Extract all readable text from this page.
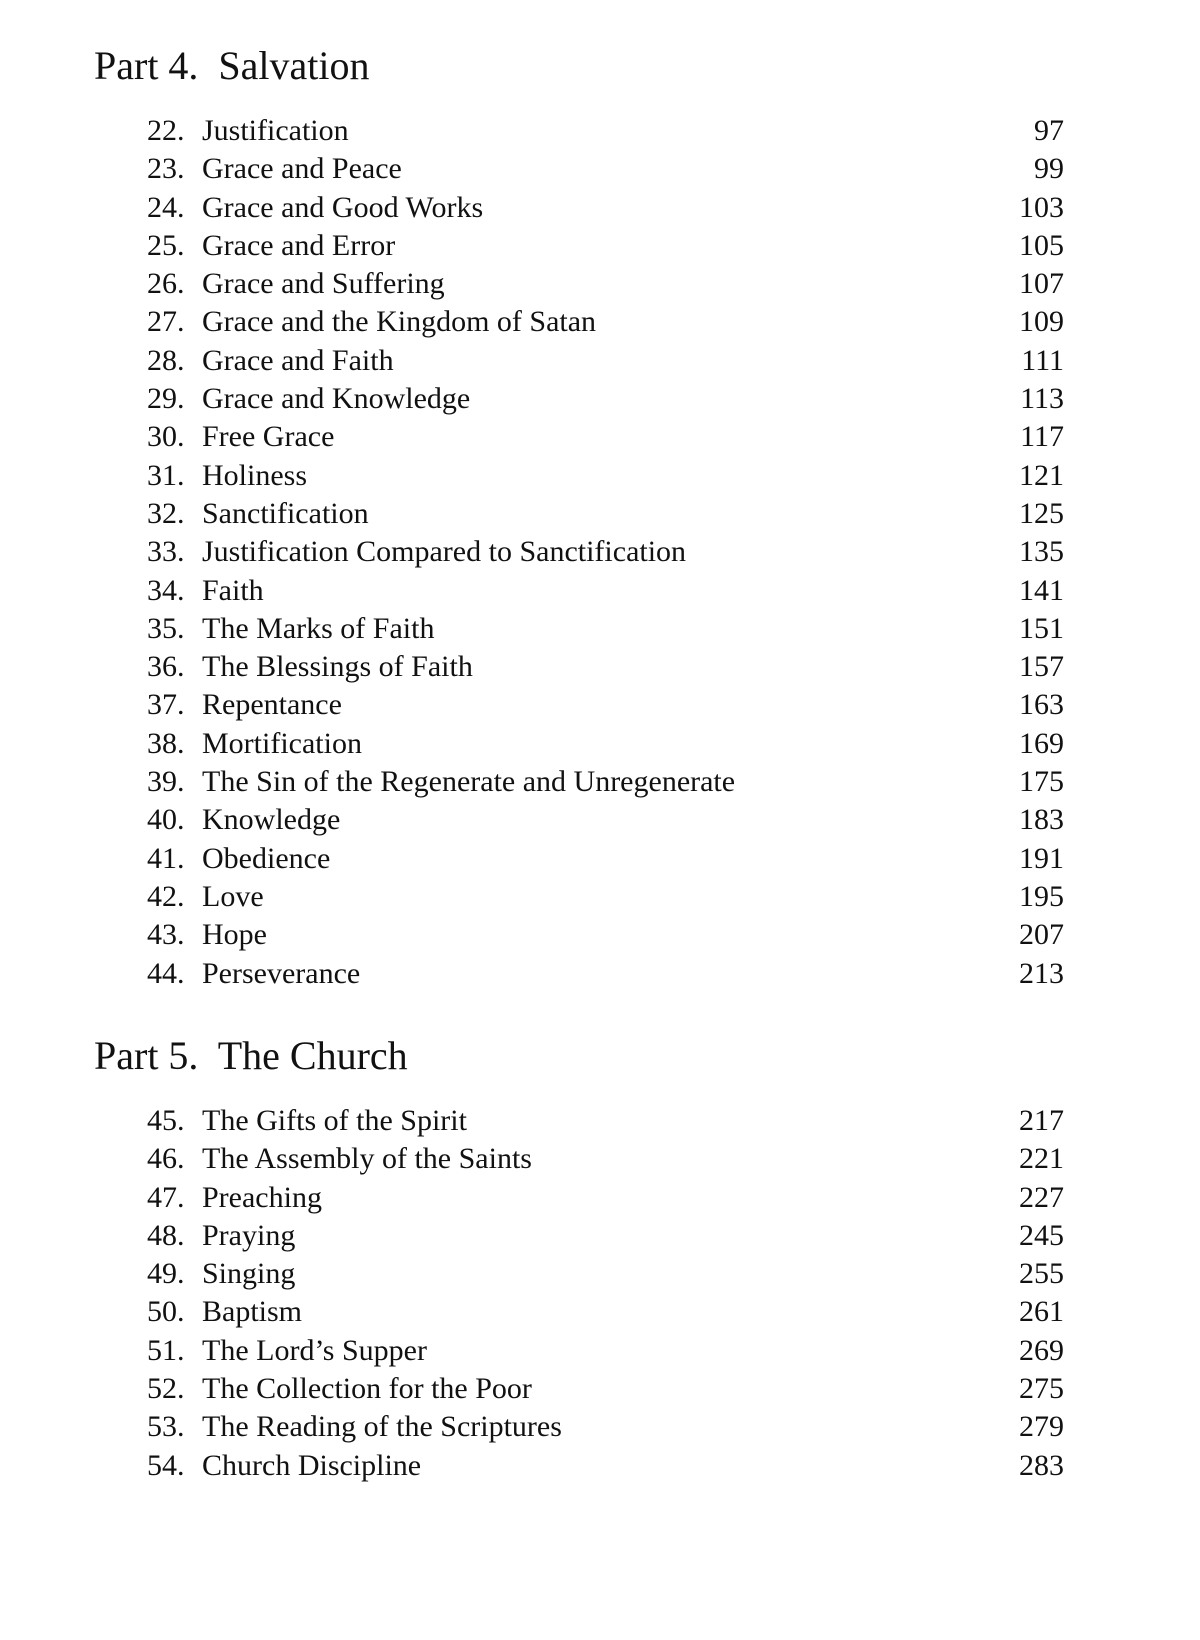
Part 4.  Salvation
22. Justification	97
23. Grace and Peace	99
24. Grace and Good Works	103
25. Grace and Error	105
26. Grace and Suffering	107
27. Grace and the Kingdom of Satan	109
28. Grace and Faith	111
29. Grace and Knowledge	113
30. Free Grace	117
31. Holiness	121
32. Sanctification	125
33. Justification Compared to Sanctification	135
34. Faith	141
35. The Marks of Faith	151
36. The Blessings of Faith	157
37. Repentance	163
38. Mortification	169
39. The Sin of the Regenerate and Unregenerate	175
40. Knowledge	183
41. Obedience	191
42. Love	195
43. Hope	207
44. Perseverance	213
Part 5.  The Church
45. The Gifts of the Spirit	217
46. The Assembly of the Saints	221
47. Preaching	227
48. Praying	245
49. Singing	255
50. Baptism	261
51. The Lord’s Supper	269
52. The Collection for the Poor	275
53. The Reading of the Scriptures	279
54. Church Discipline	283
